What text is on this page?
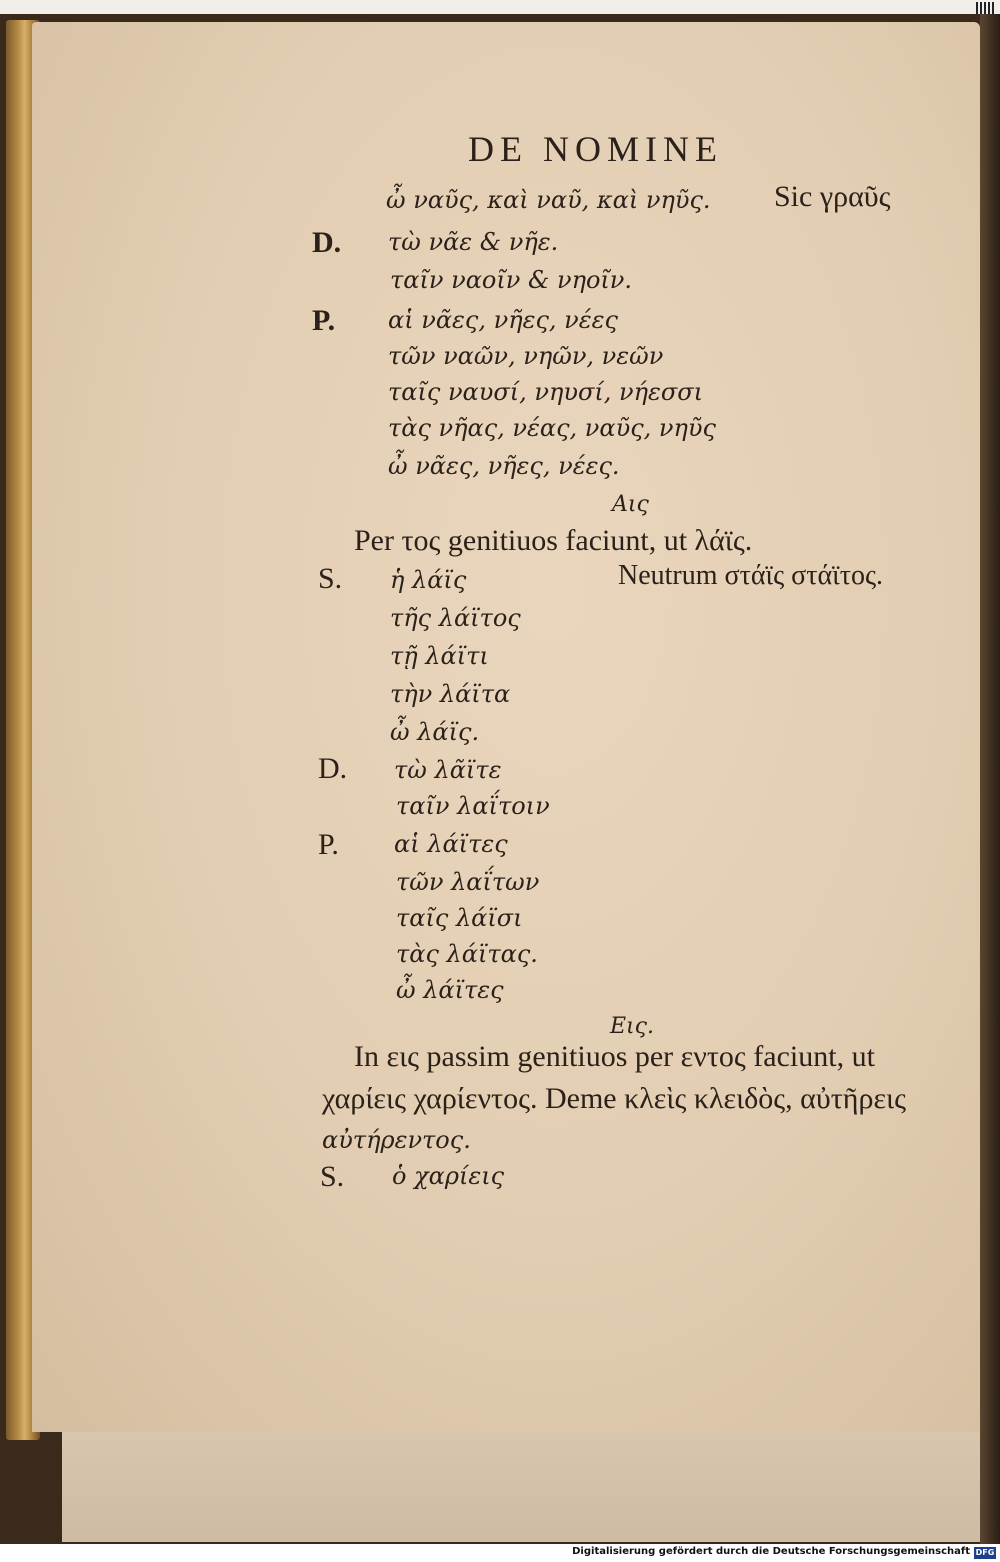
DE NOMINE
ὦ ναῦς, καὶ ναῦ, καὶ νηῦς. Sic γραῦς
D. τὼ νᾶε & νῆε.
ταῖν ναοῖν & νηοῖν.
P. αἱ νᾶες, νῆες, νέες
τῶν ναῶν, νηῶν, νεῶν
ταῖς ναυσί, νηυσί, νήεσσι
τὰς νῆας, νέας, ναῦς, νηῦς
ὦ νᾶες, νῆες, νέες.
Αις
Per τος genitiuos faciunt, ut λάϊς.
S. ἡ λάϊς	Neutrum στάϊς στάϊτος.
τῆς λάϊτος
τῇ λάϊτι
τὴν λάϊτα
ὦ λάϊς.
D. τὼ λᾶϊτε
ταῖν λαΐτοιν
P. αἱ λάϊτες
τῶν λαΐτων
ταῖς λάϊσι
τὰς λάϊτας.
ὦ λάϊτες
Εις.
In εις passim genitiuos per εντος faciunt, ut
χαρίεις χαρίεντος. Deme κλεὶς κλειδὸς, αὐτῆρεις
αὐτήρεντος.
S. ὁ χαρίεις
Digitalisierung gefördert durch die Deutsche Forschungsgemeinschaft DFG
